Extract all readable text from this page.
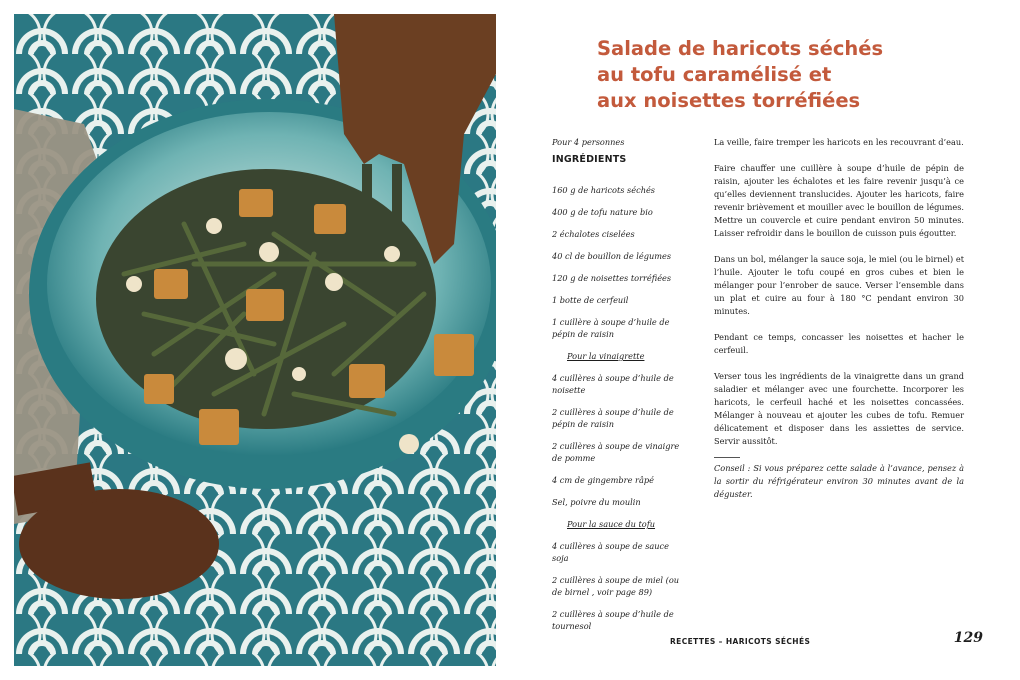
Salade de haricots séchés
au tofu caramélisé et
aux noisettes torréfiées

Pour 4 personnes

INGRÉDIENTS

160 g de haricots séchés
400 g de tofu nature bio
2 échalotes ciselées
40 cl de bouillon de légumes
120 g de noisettes torréfiées
1 botte de cerfeuil
1 cuillère à soupe d’huile de pépin de raisin

Pour la vinaigrette

4 cuillères à soupe d’huile de noisette
2 cuillères à soupe d’huile de pépin de raisin
2 cuillères à soupe de vinaigre de pomme
4 cm de gingembre râpé
Sel, poivre du moulin

Pour la sauce du tofu

4 cuillères à soupe de sauce soja
2 cuillères à soupe de miel (ou de birnel , voir page 89)
2 cuillères à soupe d’huile de tournesol

La veille, faire tremper les haricots en les recouvrant d’eau.

Faire chauffer une cuillère à soupe d’huile de pépin de raisin, ajouter les échalotes et les faire revenir jusqu’à ce qu’elles deviennent translucides. Ajouter les haricots, faire revenir brièvement et mouiller avec le bouillon de légumes. Mettre un couvercle et cuire pendant environ 50 minutes. Laisser refroidir dans le bouillon de cuisson puis égoutter.

Dans un bol, mélanger la sauce soja, le miel (ou le birnel) et l’huile. Ajouter le tofu coupé en gros cubes et bien le mélanger pour l’enrober de sauce. Verser l’ensemble dans un plat et cuire au four à 180 °C pendant environ 30 minutes.

Pendant ce temps, concasser les noisettes et hacher le cerfeuil.

Verser tous les ingrédients de la vinaigrette dans un grand saladier et mélanger avec une fourchette. Incorporer les haricots, le cerfeuil haché et les noisettes concassées. Mélanger à nouveau et ajouter les cubes de tofu. Remuer délicatement et disposer dans les assiettes de service. Servir aussitôt.

Conseil : Si vous préparez cette salade à l’avance, pensez à la sortir du réfrigérateur environ 30 minutes avant de la déguster.

RECETTES – HARICOTS SÉCHÉS	129
